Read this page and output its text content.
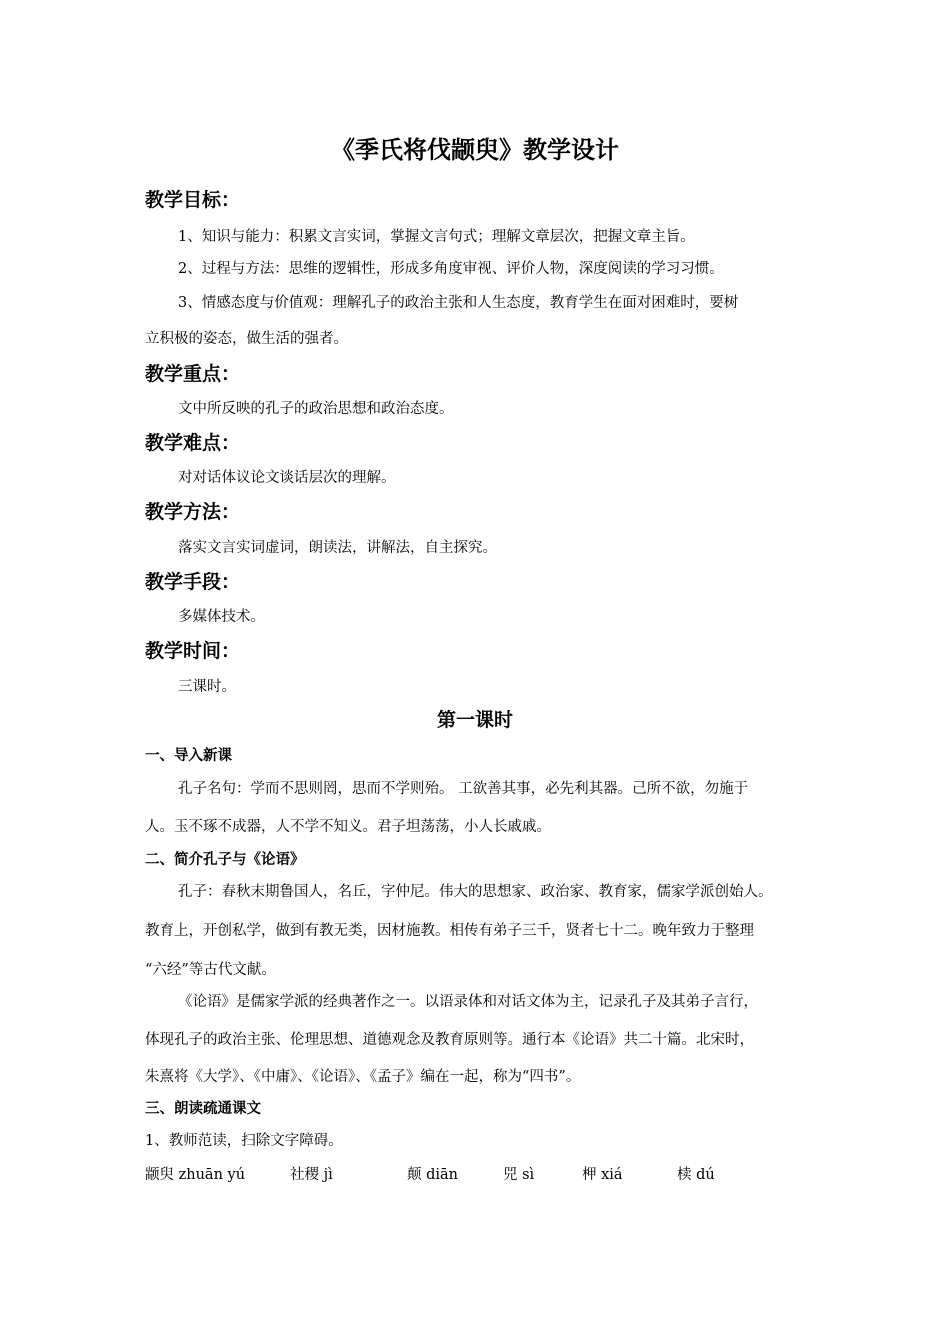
《季氏将伐颛臾》教学设计
教学目标：
1、知识与能力：积累文言实词，掌握文言句式；理解文章层次，把握文章主旨。
2、过程与方法：思维的逻辑性，形成多角度审视、评价人物，深度阅读的学习习惯。
3、情感态度与价值观：理解孔子的政治主张和人生态度，教育学生在面对困难时，要树
立积极的姿态，做生活的强者。
教学重点：
文中所反映的孔子的政治思想和政治态度。
教学难点：
对对话体议论文谈话层次的理解。
教学方法：
落实文言实词虚词，朗读法，讲解法，自主探究。
教学手段：
多媒体技术。
教学时间：
三课时。
第一课时
一、导入新课
孔子名句：学而不思则罔，思而不学则殆。 工欲善其事，必先利其器。己所不欲，勿施于
人。玉不琢不成器，人不学不知义。君子坦荡荡，小人长戚戚。
二、简介孔子与《论语》
孔子：春秋末期鲁国人，名丘，字仲尼。伟大的思想家、政治家、教育家，儒家学派创始人。
教育上，开创私学，做到有教无类，因材施教。相传有弟子三千，贤者七十二。晚年致力于整理
“六经”等古代文献。
《论语》是儒家学派的经典著作之一。以语录体和对话文体为主，记录孔子及其弟子言行，
体现孔子的政治主张、伦理思想、道德观念及教育原则等。通行本《论语》共二十篇。北宋时，
朱熹将《大学》、《中庸》、《论语》、《孟子》编在一起，称为“四书”。
三、朗读疏通课文
1、教师范读，扫除文字障碍。
颛臾 zhuān yú	社稷 jì	颠 diān	兕 sì	柙 xiá	椟 dú
